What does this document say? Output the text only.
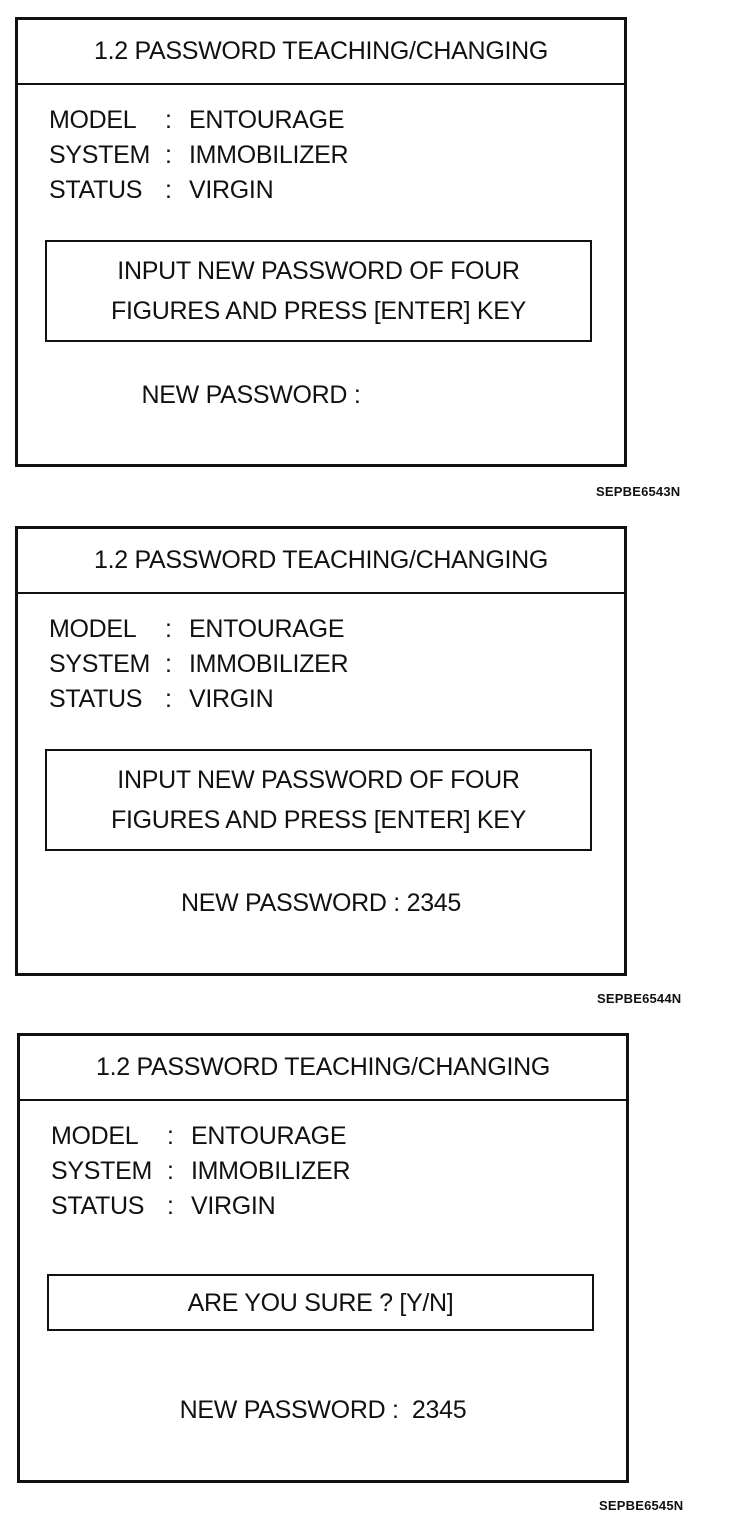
1.2 PASSWORD TEACHING/CHANGING
MODEL	: ENTOURAGE
SYSTEM : IMMOBILIZER
STATUS : VIRGIN
INPUT NEW PASSWORD OF FOUR
FIGURES AND PRESS [ENTER] KEY
NEW PASSWORD :
SEPBE6543N
1.2 PASSWORD TEACHING/CHANGING
MODEL	: ENTOURAGE
SYSTEM : IMMOBILIZER
STATUS : VIRGIN
INPUT NEW PASSWORD OF FOUR
FIGURES AND PRESS [ENTER] KEY
NEW PASSWORD : 2345
SEPBE6544N
1.2 PASSWORD TEACHING/CHANGING
MODEL	: ENTOURAGE
SYSTEM : IMMOBILIZER
STATUS : VIRGIN
ARE YOU SURE ? [Y/N]
NEW PASSWORD :  2345
SEPBE6545N
